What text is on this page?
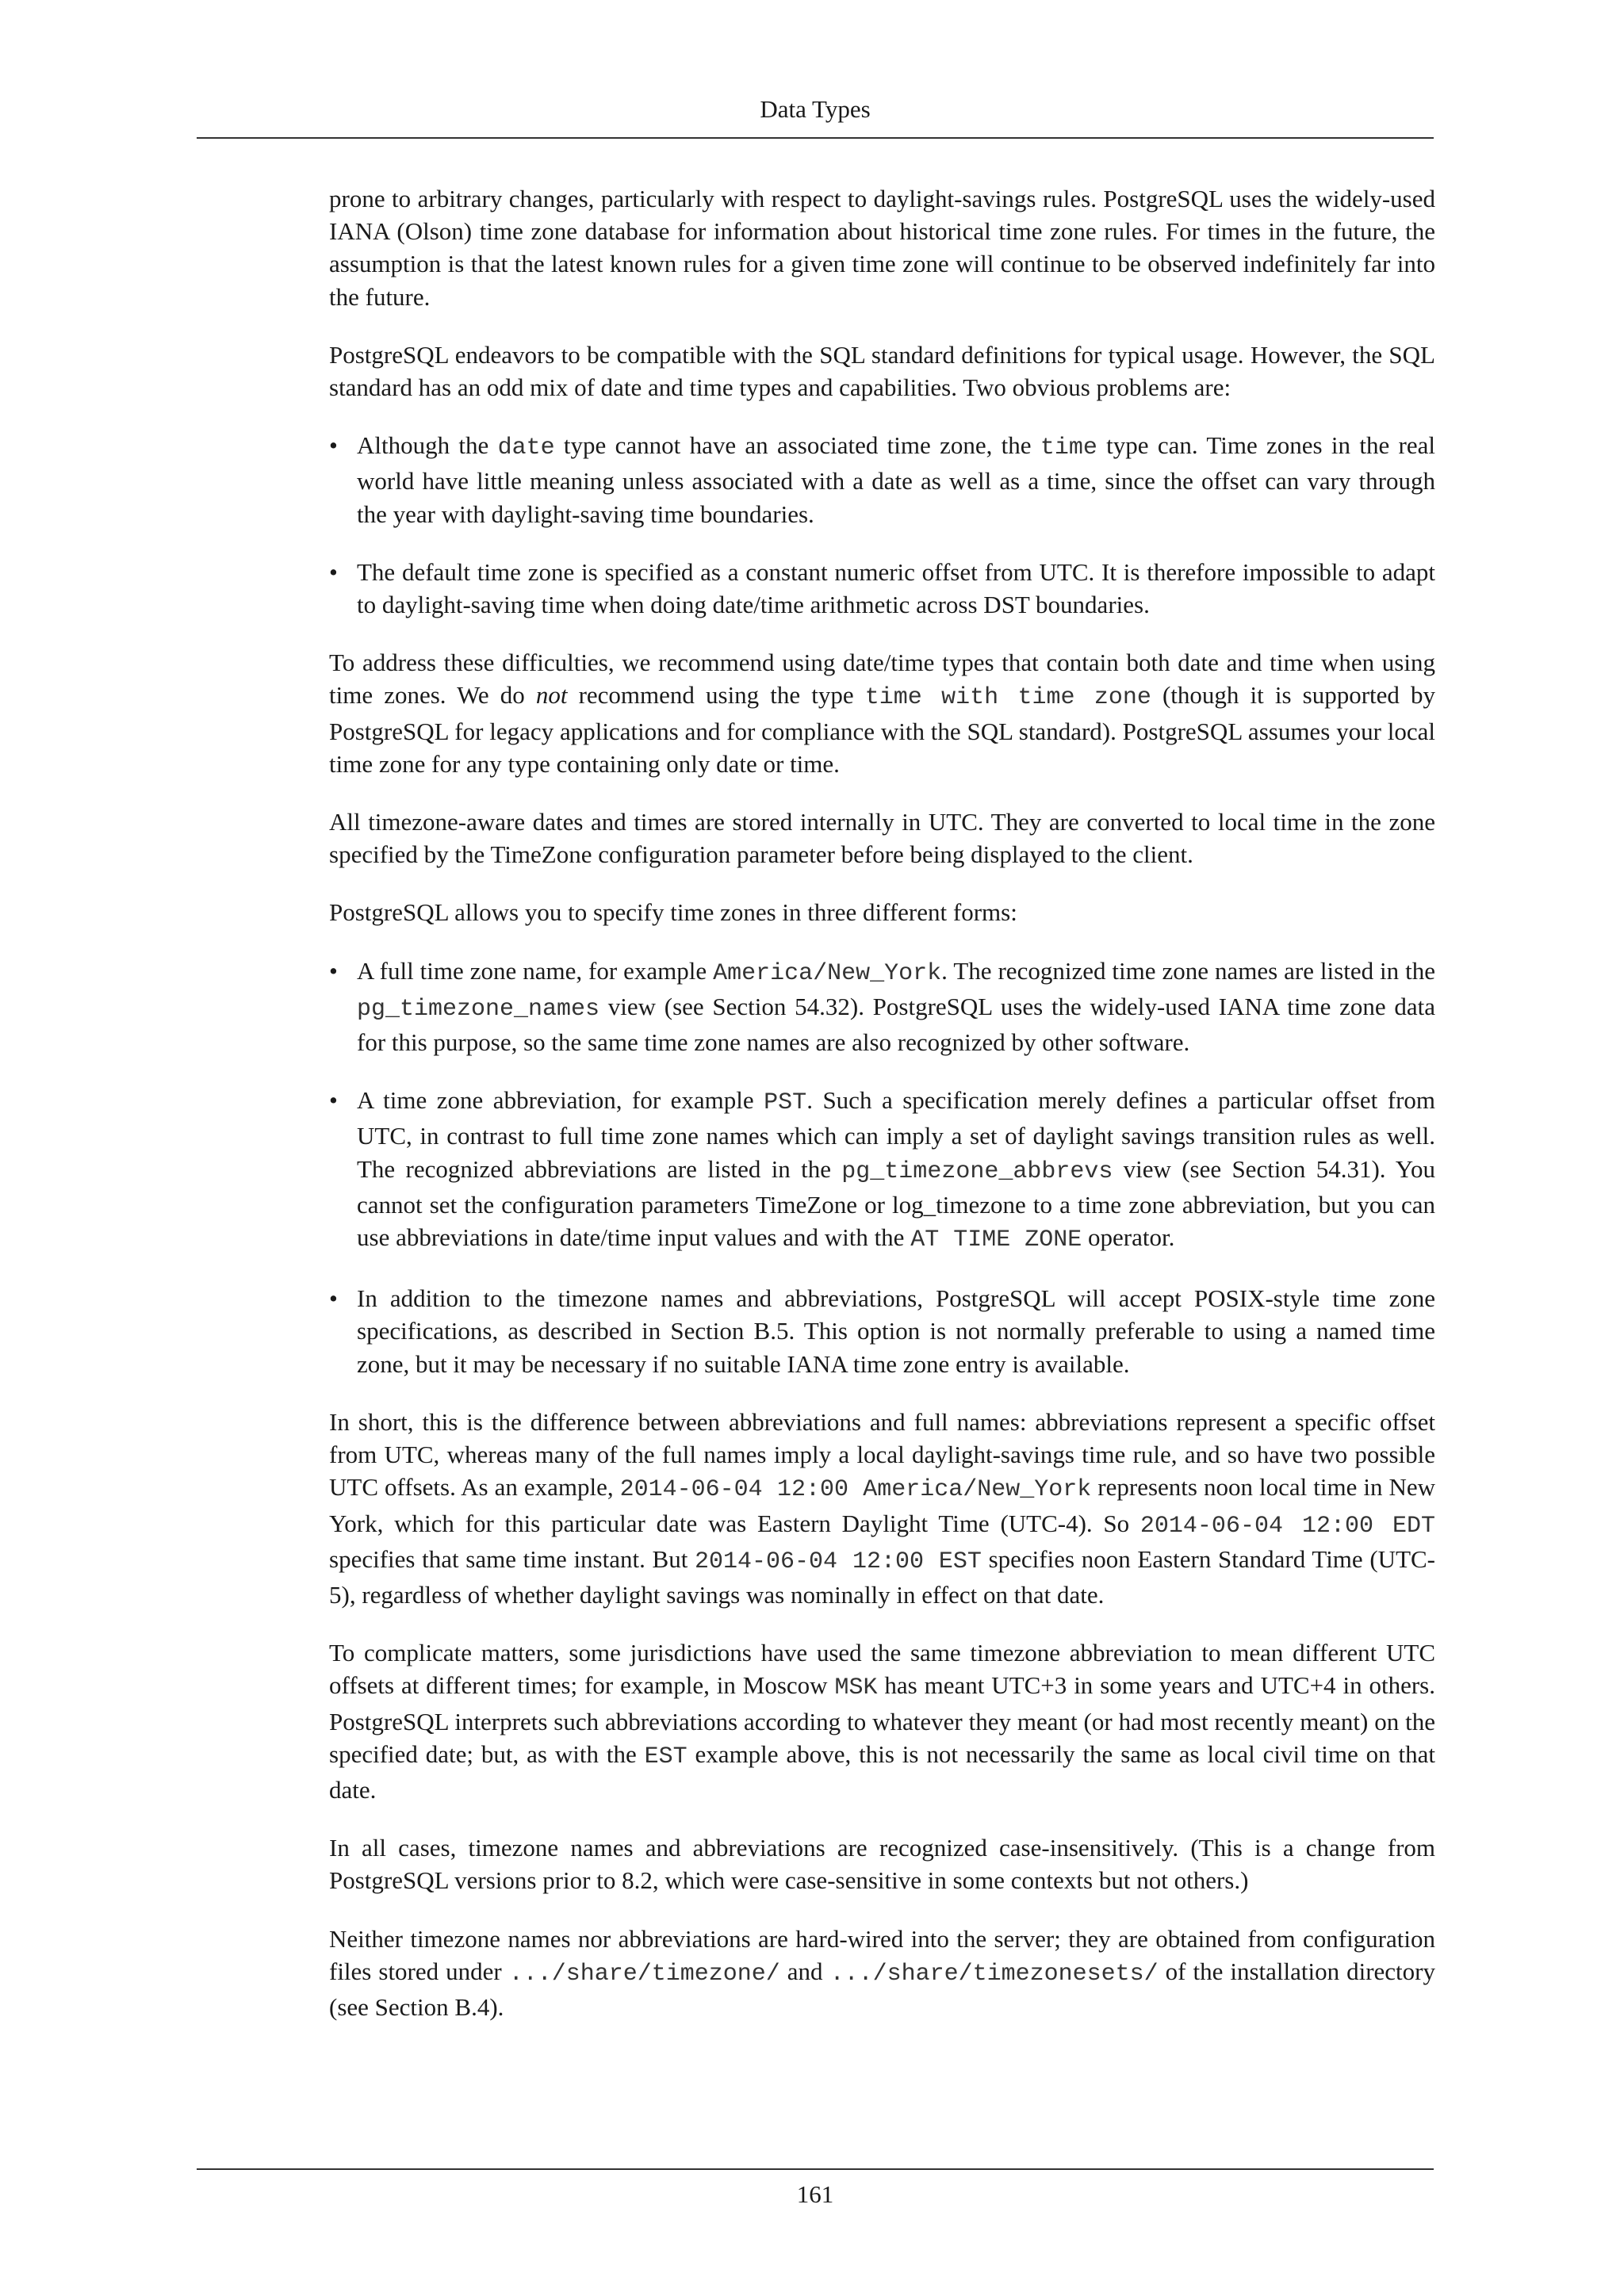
Data Types

prone to arbitrary changes, particularly with respect to daylight-savings rules. PostgreSQL uses the widely-used IANA (Olson) time zone database for information about historical time zone rules. For times in the future, the assumption is that the latest known rules for a given time zone will continue to be observed indefinitely far into the future.

PostgreSQL endeavors to be compatible with the SQL standard definitions for typical usage. However, the SQL standard has an odd mix of date and time types and capabilities. Two obvious problems are:

• Although the date type cannot have an associated time zone, the time type can. Time zones in the real world have little meaning unless associated with a date as well as a time, since the offset can vary through the year with daylight-saving time boundaries.
• The default time zone is specified as a constant numeric offset from UTC. It is therefore impossible to adapt to daylight-saving time when doing date/time arithmetic across DST boundaries.

To address these difficulties, we recommend using date/time types that contain both date and time when using time zones. We do not recommend using the type time with time zone (though it is supported by PostgreSQL for legacy applications and for compliance with the SQL standard). PostgreSQL assumes your local time zone for any type containing only date or time.

All timezone-aware dates and times are stored internally in UTC. They are converted to local time in the zone specified by the TimeZone configuration parameter before being displayed to the client.

PostgreSQL allows you to specify time zones in three different forms:

• A full time zone name, for example America/New_York. The recognized time zone names are listed in the pg_timezone_names view (see Section 54.32). PostgreSQL uses the widely-used IANA time zone data for this purpose, so the same time zone names are also recognized by other software.
• A time zone abbreviation, for example PST. Such a specification merely defines a particular offset from UTC, in contrast to full time zone names which can imply a set of daylight savings transition rules as well. The recognized abbreviations are listed in the pg_timezone_abbrevs view (see Section 54.31). You cannot set the configuration parameters TimeZone or log_timezone to a time zone abbreviation, but you can use abbreviations in date/time input values and with the AT TIME ZONE operator.
• In addition to the timezone names and abbreviations, PostgreSQL will accept POSIX-style time zone specifications, as described in Section B.5. This option is not normally preferable to using a named time zone, but it may be necessary if no suitable IANA time zone entry is available.

In short, this is the difference between abbreviations and full names: abbreviations represent a specific offset from UTC, whereas many of the full names imply a local daylight-savings time rule, and so have two possible UTC offsets. As an example, 2014-06-04 12:00 America/New_York represents noon local time in New York, which for this particular date was Eastern Daylight Time (UTC-4). So 2014-06-04 12:00 EDT specifies that same time instant. But 2014-06-04 12:00 EST specifies noon Eastern Standard Time (UTC-5), regardless of whether daylight savings was nominally in effect on that date.

To complicate matters, some jurisdictions have used the same timezone abbreviation to mean different UTC offsets at different times; for example, in Moscow MSK has meant UTC+3 in some years and UTC+4 in others. PostgreSQL interprets such abbreviations according to whatever they meant (or had most recently meant) on the specified date; but, as with the EST example above, this is not necessarily the same as local civil time on that date.

In all cases, timezone names and abbreviations are recognized case-insensitively. (This is a change from PostgreSQL versions prior to 8.2, which were case-sensitive in some contexts but not others.)

Neither timezone names nor abbreviations are hard-wired into the server; they are obtained from configuration files stored under .../share/timezone/ and .../share/timezonesets/ of the installation directory (see Section B.4).

161
